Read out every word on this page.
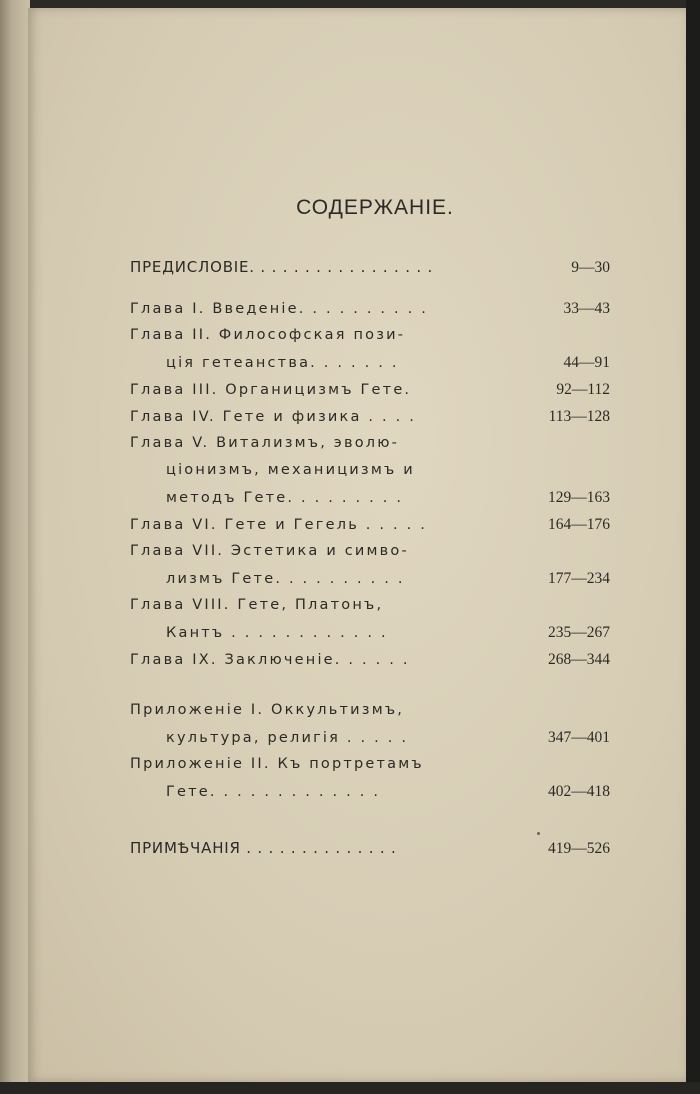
СОДЕРЖАНІЕ.
ПРЕДИСЛОВІЕ. . . . . . . . . . . . . . . . .	9—30
Глава I. Введеніе. . . . . . . . . .	33—43
Глава II. Философская пози-
ція гетеанства. . . . . . .	44—91
Глава III. Органицизмъ Гете.	92—112
Глава IV. Гете и физика . . . .	113—128
Глава V. Витализмъ, эволю-
ціонизмъ, механицизмъ и
методъ Гете. . . . . . . . .	129—163
Глава VI. Гете и Гегель . . . . .	164—176
Глава VII. Эстетика и симво-
лизмъ Гете. . . . . . . . . .	177—234
Глава VIII. Гете, Платонъ,
Кантъ . . . . . . . . . . . .	235—267
Глава IX. Заключеніе. . . . . .	268—344
Приложеніе I. Оккультизмъ,
культура, религія . . . . .	347—401
Приложеніе II. Къ портретамъ
Гете. . . . . . . . . . . . .	402—418
ПРИМѢЧАНІЯ . . . . . . . . . . . . . .	419—526
